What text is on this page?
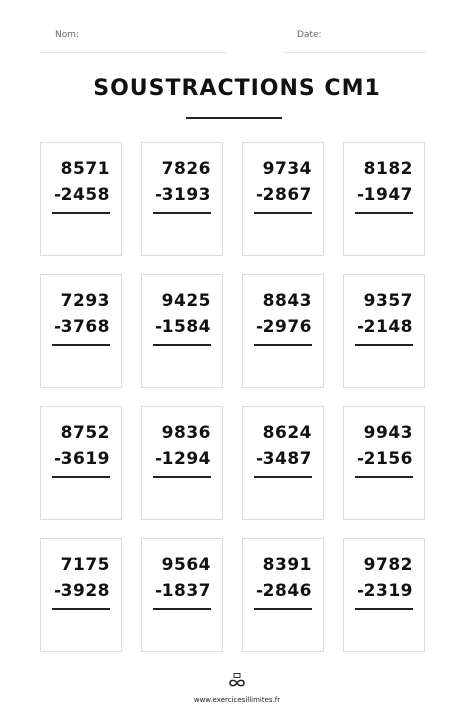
Nom:	Date:
SOUSTRACTIONS CM1
8571
- 2458
7826
- 3193
9734
- 2867
8182
- 1947
7293
- 3768
9425
- 1584
8843
- 2976
9357
- 2148
8752
- 3619
9836
- 1294
8624
- 3487
9943
- 2156
7175
- 3928
9564
- 1837
8391
- 2846
9782
- 2319
www.exercicesillimites.fr
